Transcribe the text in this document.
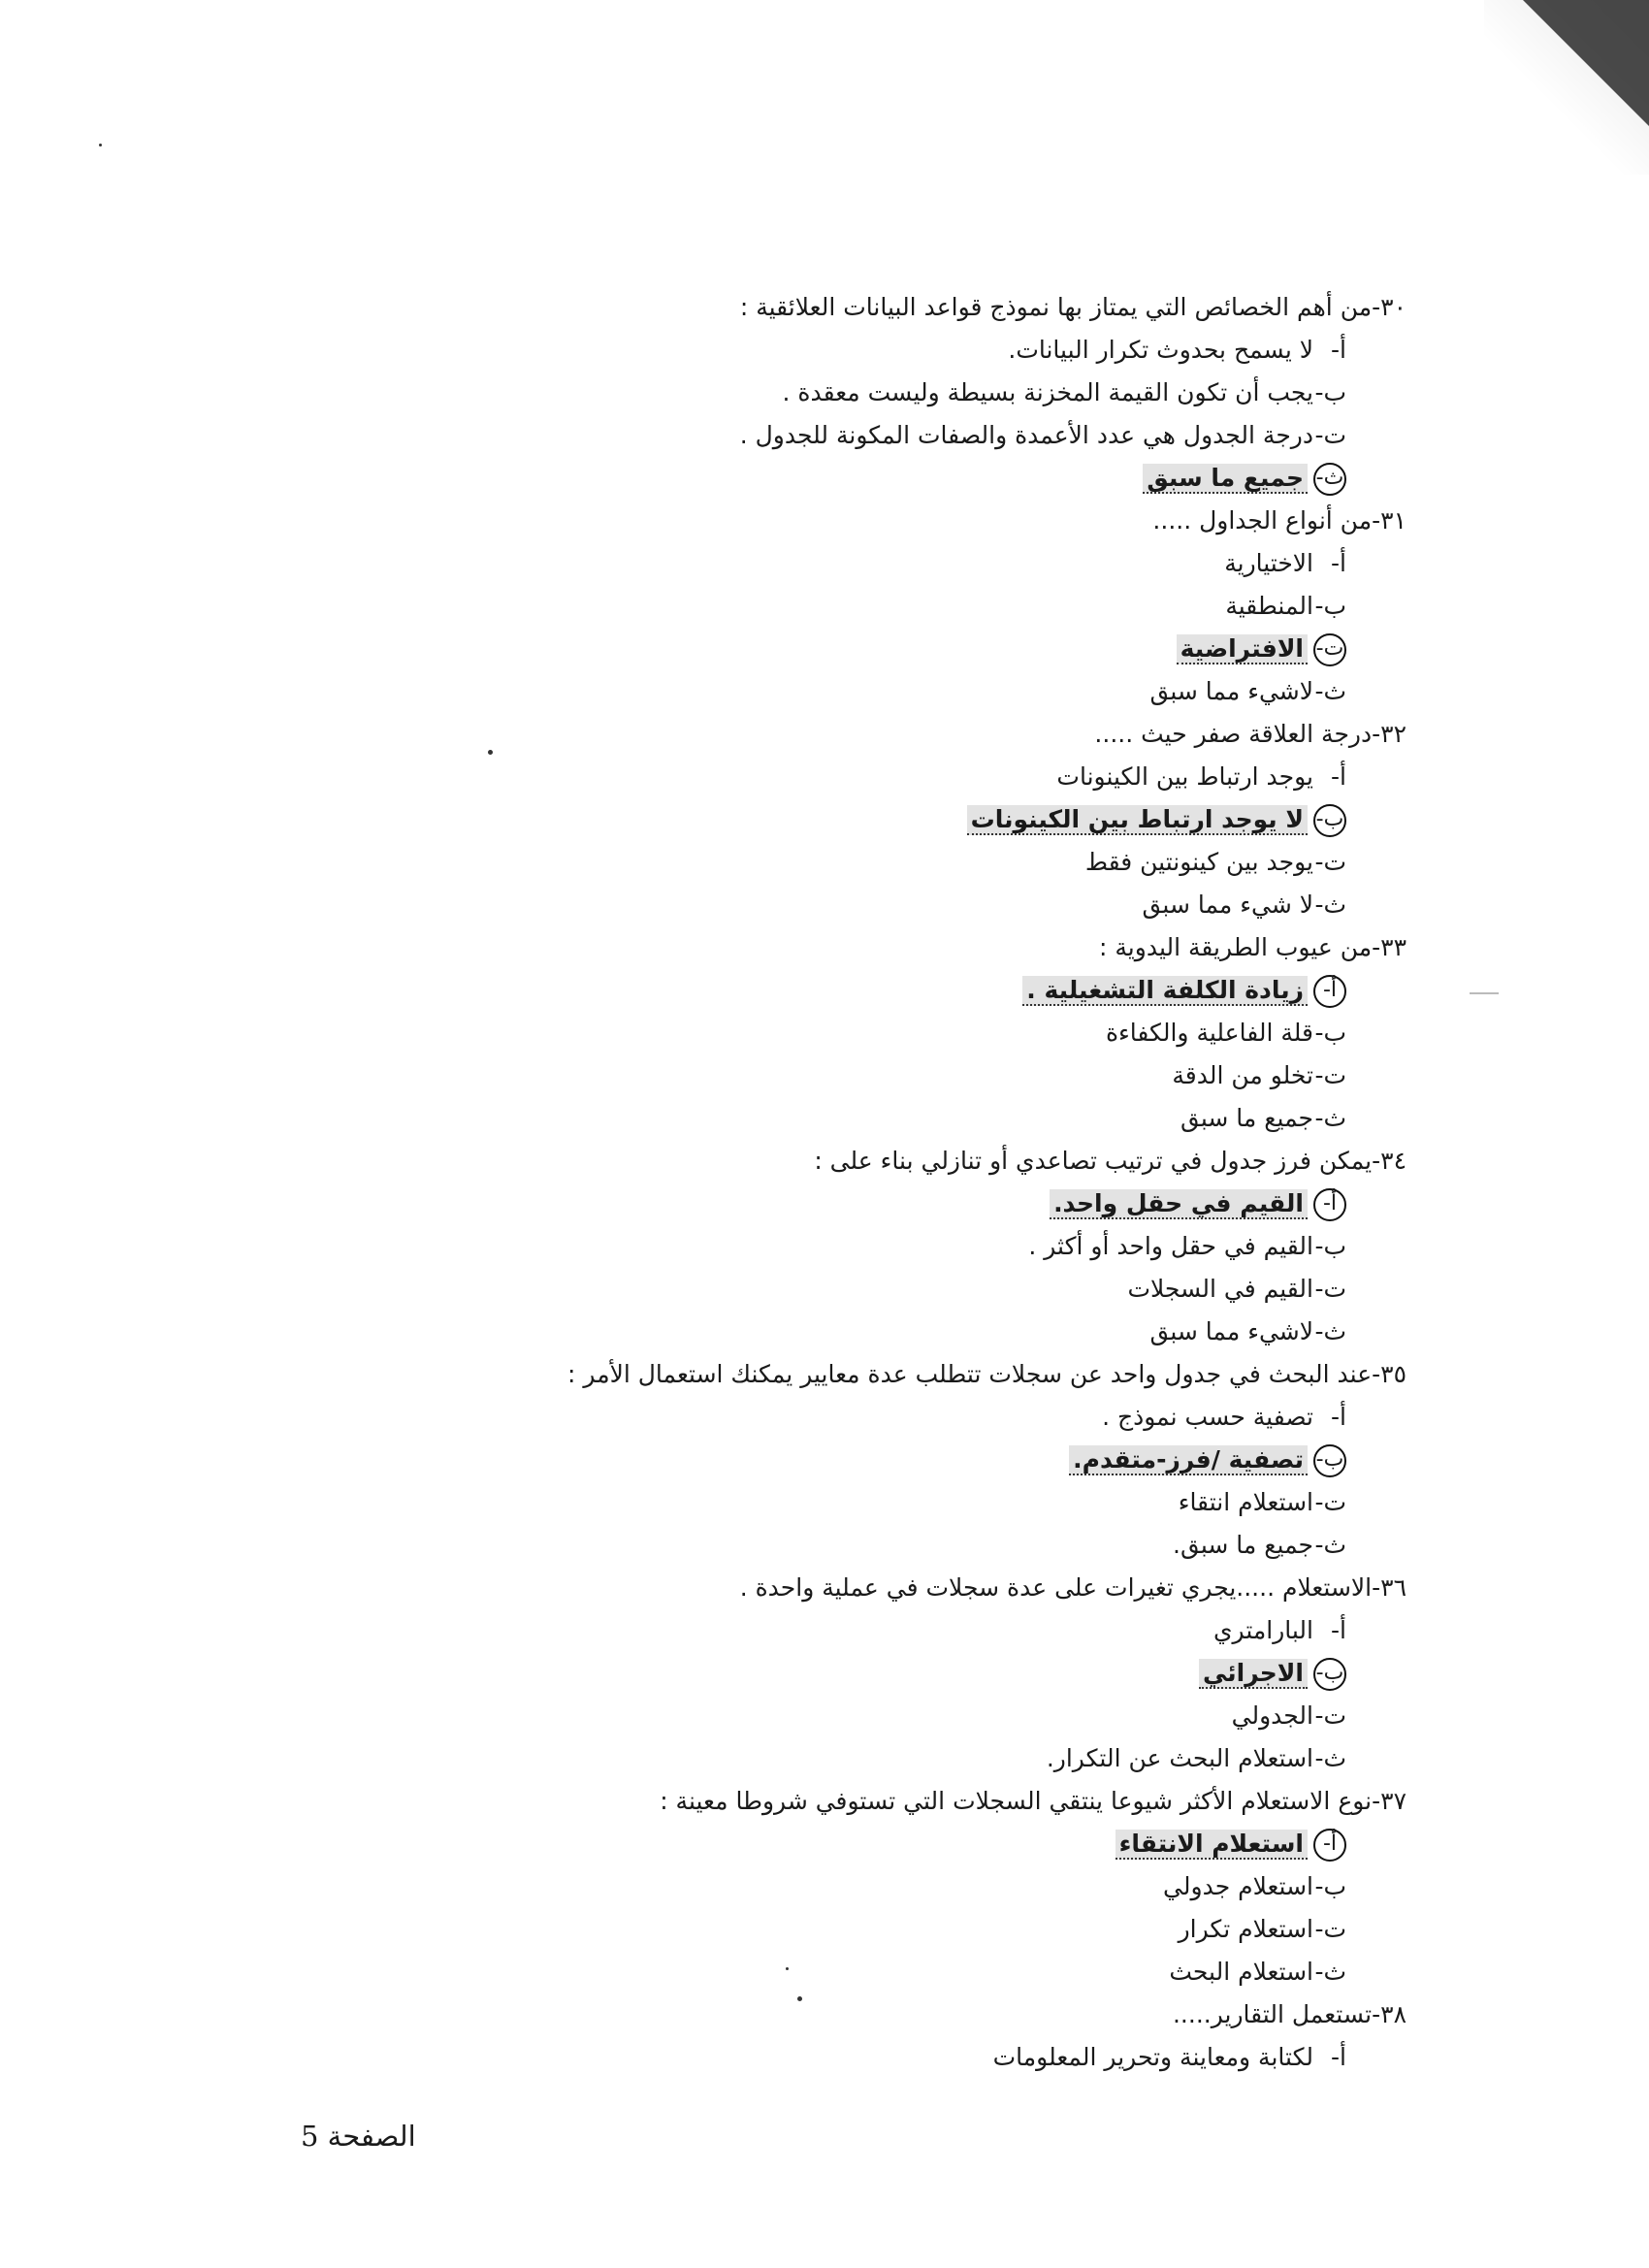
٣٠-من أهم الخصائص التي يمتاز بها نموذج قواعد البيانات العلائقية :
أ-لا يسمح بحدوث تكرار البيانات.
ب-يجب أن تكون القيمة المخزنة بسيطة وليست معقدة .
ت-درجة الجدول هي عدد الأعمدة والصفات المكونة للجدول .
ث-جميع ما سبق
٣١-من أنواع الجداول .....
أ-الاختيارية
ب-المنطقية
ت-الافتراضية
ث-لاشيء مما سبق
٣٢-درجة العلاقة صفر حيث .....
أ-يوجد ارتباط بين الكينونات
ب-لا يوجد ارتباط بين الكينونات
ت-يوجد بين كينونتين فقط
ث-لا شيء مما سبق
٣٣-من عيوب الطريقة اليدوية :
أ-زيادة الكلفة التشغيلية .
ب-قلة الفاعلية والكفاءة
ت-تخلو من الدقة
ث-جميع ما سبق
٣٤-يمكن فرز جدول في ترتيب تصاعدي أو تنازلي بناء على :
أ-القيم في حقل واحد.
ب-القيم في حقل واحد أو أكثر .
ت-القيم في السجلات
ث-لاشيء مما سبق
٣٥-عند البحث في جدول واحد عن سجلات تتطلب عدة معايير يمكنك استعمال الأمر :
أ-تصفية حسب نموذج .
ب-تصفية /فرز-متقدم.
ت-استعلام انتقاء
ث-جميع ما سبق.
٣٦-الاستعلام .....يجري تغيرات على عدة سجلات في عملية واحدة .
أ-البارامتري
ب-الاجرائي
ت-الجدولي
ث-استعلام البحث عن التكرار.
٣٧-نوع الاستعلام الأكثر شيوعا ينتقي السجلات التي تستوفي شروطا معينة :
أ-استعلام الانتقاء
ب-استعلام جدولي
ت-استعلام تكرار
ث-استعلام البحث
٣٨-تستعمل التقارير.....
أ-لكتابة ومعاينة وتحرير المعلومات
الصفحة 5
